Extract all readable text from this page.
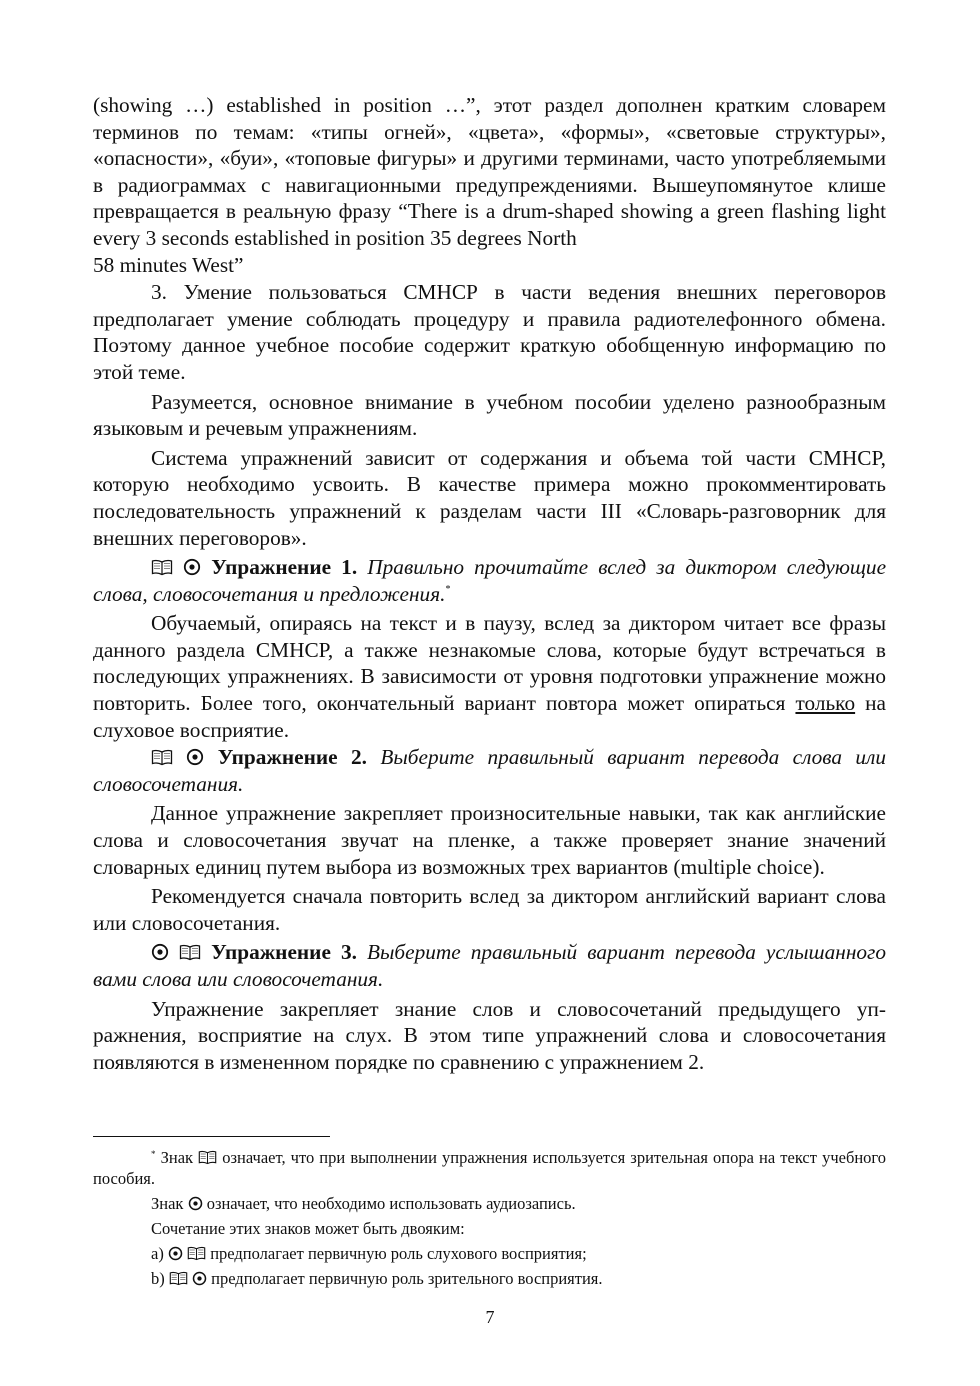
(showing …) established in position …”, этот раздел дополнен кратким словарем терминов по темам: «типы огней», «цвета», «формы», «световые структуры», «опасности», «буи», «топовые фигуры» и другими терминами, часто употребляемыми в радиограммах с навигационными предупреждениями. Вышеупомянутое клише превращается в реальную фразу “There is a drum-shaped showing a green flashing light every 3 seconds established in position 35 degrees North
58 minutes West”

3. Умение пользоваться СМНСР в части ведения внешних переговоров предполагает умение соблюдать процедуру и правила радиотелефонного обмена. Поэтому данное учебное пособие содержит краткую обобщенную информацию по этой теме.

Разумеется, основное внимание в учебном пособии уделено разнообразным языковым и речевым упражнениям.

Система упражнений зависит от содержания и объема той части СМНСР, которую необходимо усвоить. В качестве примера можно прокомментировать последовательность упражнений к разделам части III «Словарь-разговорник для внешних переговоров».

Упражнение 1. Правильно прочитайте вслед за диктором следующие слова, словосочетания и предложения.*

Обучаемый, опираясь на текст и в паузу, вслед за диктором читает все фразы данного раздела СМНСР, а также незнакомые слова, которые будут встречаться в последующих упражнениях. В зависимости от уровня подготовки упражнение можно повторить. Более того, окончательный вариант повтора может опираться только на слуховое восприятие.

Упражнение 2. Выберите правильный вариант перевода слова или словосочетания.

Данное упражнение закрепляет произносительные навыки, так как английские слова и словосочетания звучат на пленке, а также проверяет знание значений словарных единиц путем выбора из возможных трех вариантов (multiple choice).

Рекомендуется сначала повторить вслед за диктором английский вариант слова или словосочетания.

Упражнение 3. Выберите правильный вариант перевода услышанного вами слова или словосочетания.

Упражнение закрепляет знание слов и словосочетаний предыдущего упражнения, восприятие на слух. В этом типе упражнений слова и словосочетания появляются в измененном порядке по сравнению с упражнением 2.

* Знак означает, что при выполнении упражнения используется зрительная опора на текст учебного пособия.

Знак означает, что необходимо использовать аудиозапись.

Сочетание этих знаков может быть двояким:

а)
	предполагает первичную роль слухового восприятия;

b)
	предполагает первичную роль зрительного восприятия.

7
